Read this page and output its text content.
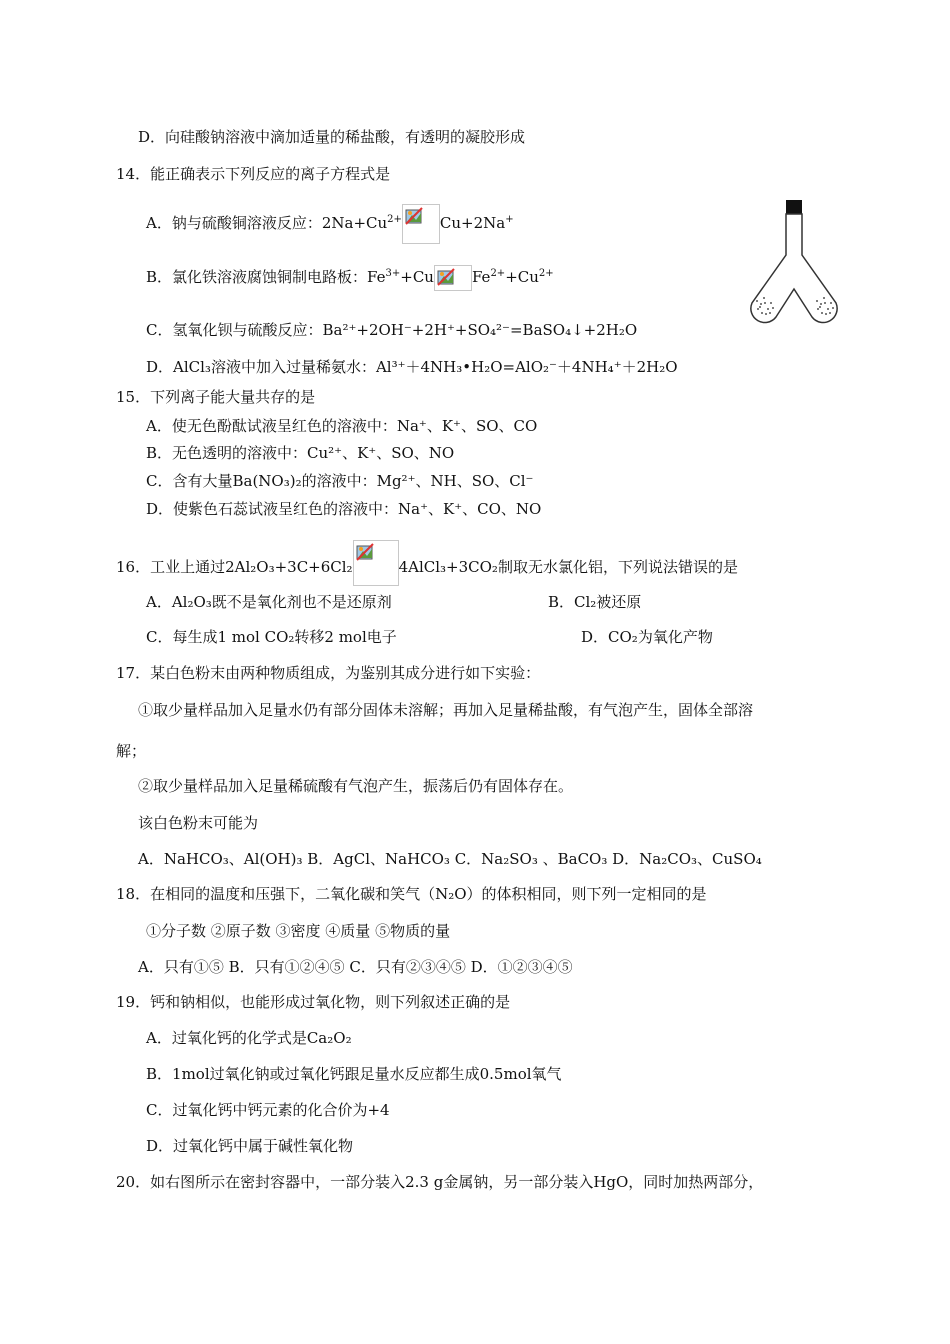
D．向硅酸钠溶液中滴加适量的稀盐酸，有透明的凝胶形成
14．能正确表示下列反应的离子方程式是
A．钠与硫酸铜溶液反应：$2Na+Cu^{2+}$	Cu+2Na+
B．氯化铁溶液腐蚀铜制电路板：$Fe^{3+}+Cu$	$Fe^{2+}+Cu^{2+}$
C．氢氧化钡与硫酸反应：Ba²⁺+2OH⁻+2H⁺+SO₄²⁻=BaSO₄↓+2H₂O
D．AlCl₃溶液中加入过量稀氨水：Al³⁺＋4NH₃•H₂O=AlO₂⁻＋4NH₄⁺＋2H₂O
15．下列离子能大量共存的是
A．使无色酚酞试液呈红色的溶液中：Na⁺、K⁺、SO、CO
B．无色透明的溶液中：Cu²⁺、K⁺、SO、NO
C．含有大量Ba(NO₃)₂的溶液中：Mg²⁺、NH、SO、Cl⁻
D．使紫色石蕊试液呈红色的溶液中：Na⁺、K⁺、CO、NO
16．工业上通过2Al₂O₃+3C+6Cl₂	4AlCl₃+3CO₂制取无水氯化铝，下列说法错误的是
A．Al₂O₃既不是氧化剂也不是还原剂	B．Cl₂被还原
C．每生成1 mol CO₂转移2 mol电子	D．CO₂为氧化产物
17．某白色粉末由两种物质组成，为鉴别其成分进行如下实验：
①取少量样品加入足量水仍有部分固体未溶解；再加入足量稀盐酸，有气泡产生，固体全部溶
解；
②取少量样品加入足量稀硫酸有气泡产生，振荡后仍有固体存在。
该白色粉末可能为
A．NaHCO₃、Al(OH)₃ B．AgCl、NaHCO₃ C．Na₂SO₃ 、BaCO₃ D．Na₂CO₃、CuSO₄
18．在相同的温度和压强下，二氧化碳和笑气（N₂O）的体积相同，则下列一定相同的是
①分子数 ②原子数 ③密度 ④质量 ⑤物质的量
A．只有①⑤ B．只有①②④⑤ C．只有②③④⑤ D．①②③④⑤
19．钙和钠相似，也能形成过氧化物，则下列叙述正确的是
A．过氧化钙的化学式是Ca₂O₂
B．1mol过氧化钠或过氧化钙跟足量水反应都生成0.5mol氧气
C．过氧化钙中钙元素的化合价为+4
D．过氧化钙中属于碱性氧化物
20．如右图所示在密封容器中，一部分装入2.3 g金属钠，另一部分装入HgO，同时加热两部分，
